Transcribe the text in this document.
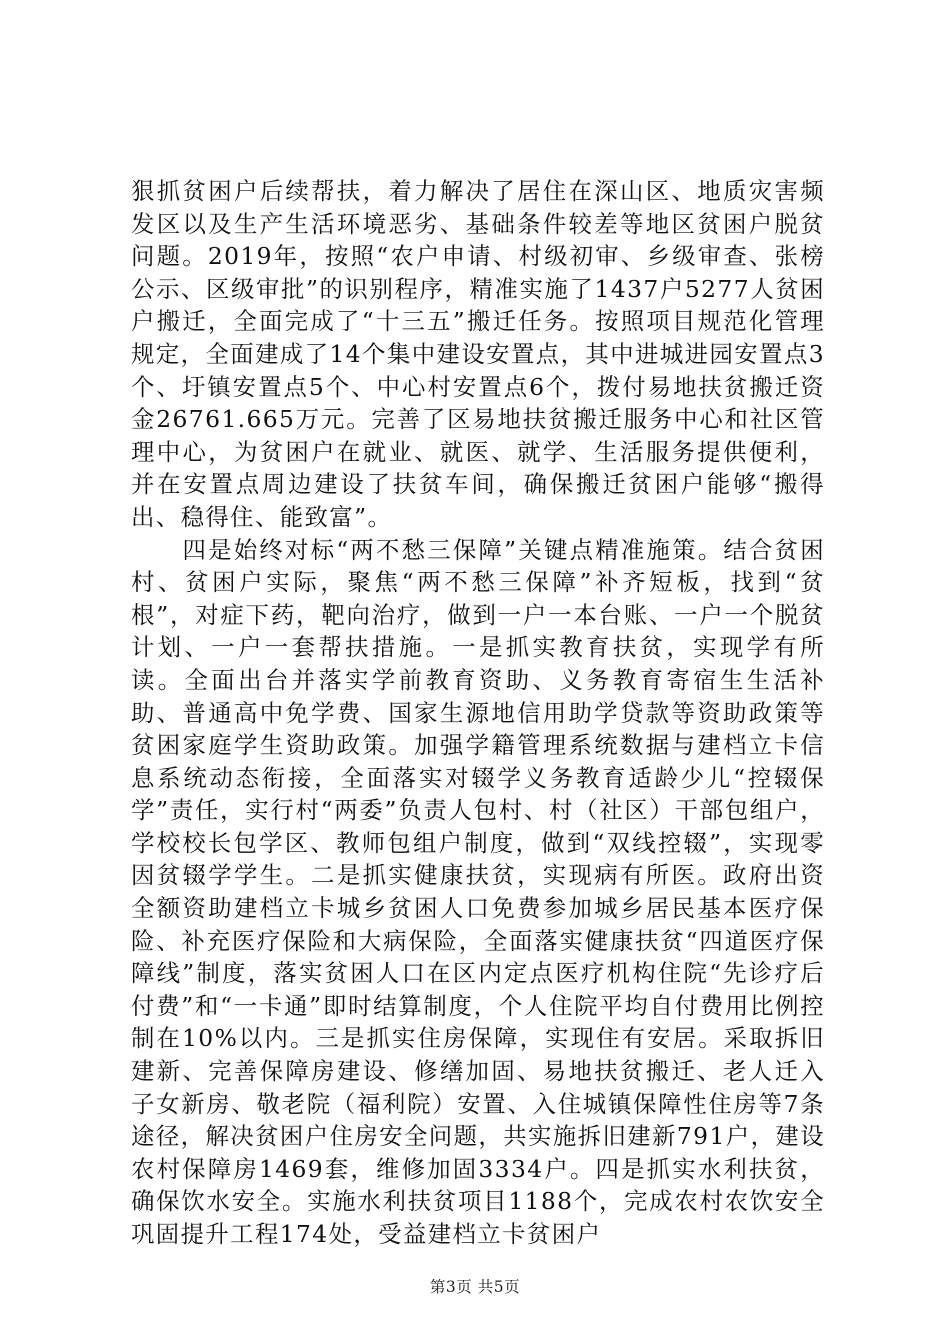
狠抓贫困户后续帮扶，着力解决了居住在深山区、地质灾害频发区以及生产生活环境恶劣、基础条件较差等地区贫困户脱贫问题。2019年，按照“农户申请、村级初审、乡级审查、张榜公示、区级审批”的识别程序，精准实施了1437户5277人贫困户搬迁，全面完成了“十三五”搬迁任务。按照项目规范化管理规定，全面建成了14个集中建设安置点，其中进城进园安置点3个、圩镇安置点5个、中心村安置点6个，拨付易地扶贫搬迁资金26761.665万元。完善了区易地扶贫搬迁服务中心和社区管理中心，为贫困户在就业、就医、就学、生活服务提供便利，并在安置点周边建设了扶贫车间，确保搬迁贫困户能够“搬得出、稳得住、能致富”。

四是始终对标“两不愁三保障”关键点精准施策。结合贫困村、贫困户实际，聚焦“两不愁三保障”补齐短板，找到“贫根”，对症下药，靶向治疗，做到一户一本台账、一户一个脱贫计划、一户一套帮扶措施。一是抓实教育扶贫，实现学有所读。全面出台并落实学前教育资助、义务教育寄宿生生活补助、普通高中免学费、国家生源地信用助学贷款等资助政策等贫困家庭学生资助政策。加强学籍管理系统数据与建档立卡信息系统动态衔接，全面落实对辍学义务教育适龄少儿“控辍保学”责任，实行村“两委”负责人包村、村（社区）干部包组户，学校校长包学区、教师包组户制度，做到“双线控辍”，实现零因贫辍学学生。二是抓实健康扶贫，实现病有所医。政府出资全额资助建档立卡城乡贫困人口免费参加城乡居民基本医疗保险、补充医疗保险和大病保险，全面落实健康扶贫“四道医疗保障线”制度，落实贫困人口在区内定点医疗机构住院“先诊疗后付费”和“一卡通”即时结算制度，个人住院平均自付费用比例控制在10%以内。三是抓实住房保障，实现住有安居。采取拆旧建新、完善保障房建设、修缮加固、易地扶贫搬迁、老人迁入子女新房、敬老院（福利院）安置、入住城镇保障性住房等7条途径，解决贫困户住房安全问题，共实施拆旧建新791户，建设农村保障房1469套，维修加固3334户。四是抓实水利扶贫，确保饮水安全。实施水利扶贫项目1188个，完成农村农饮安全巩固提升工程174处，受益建档立卡贫困户

第3页 共5页
